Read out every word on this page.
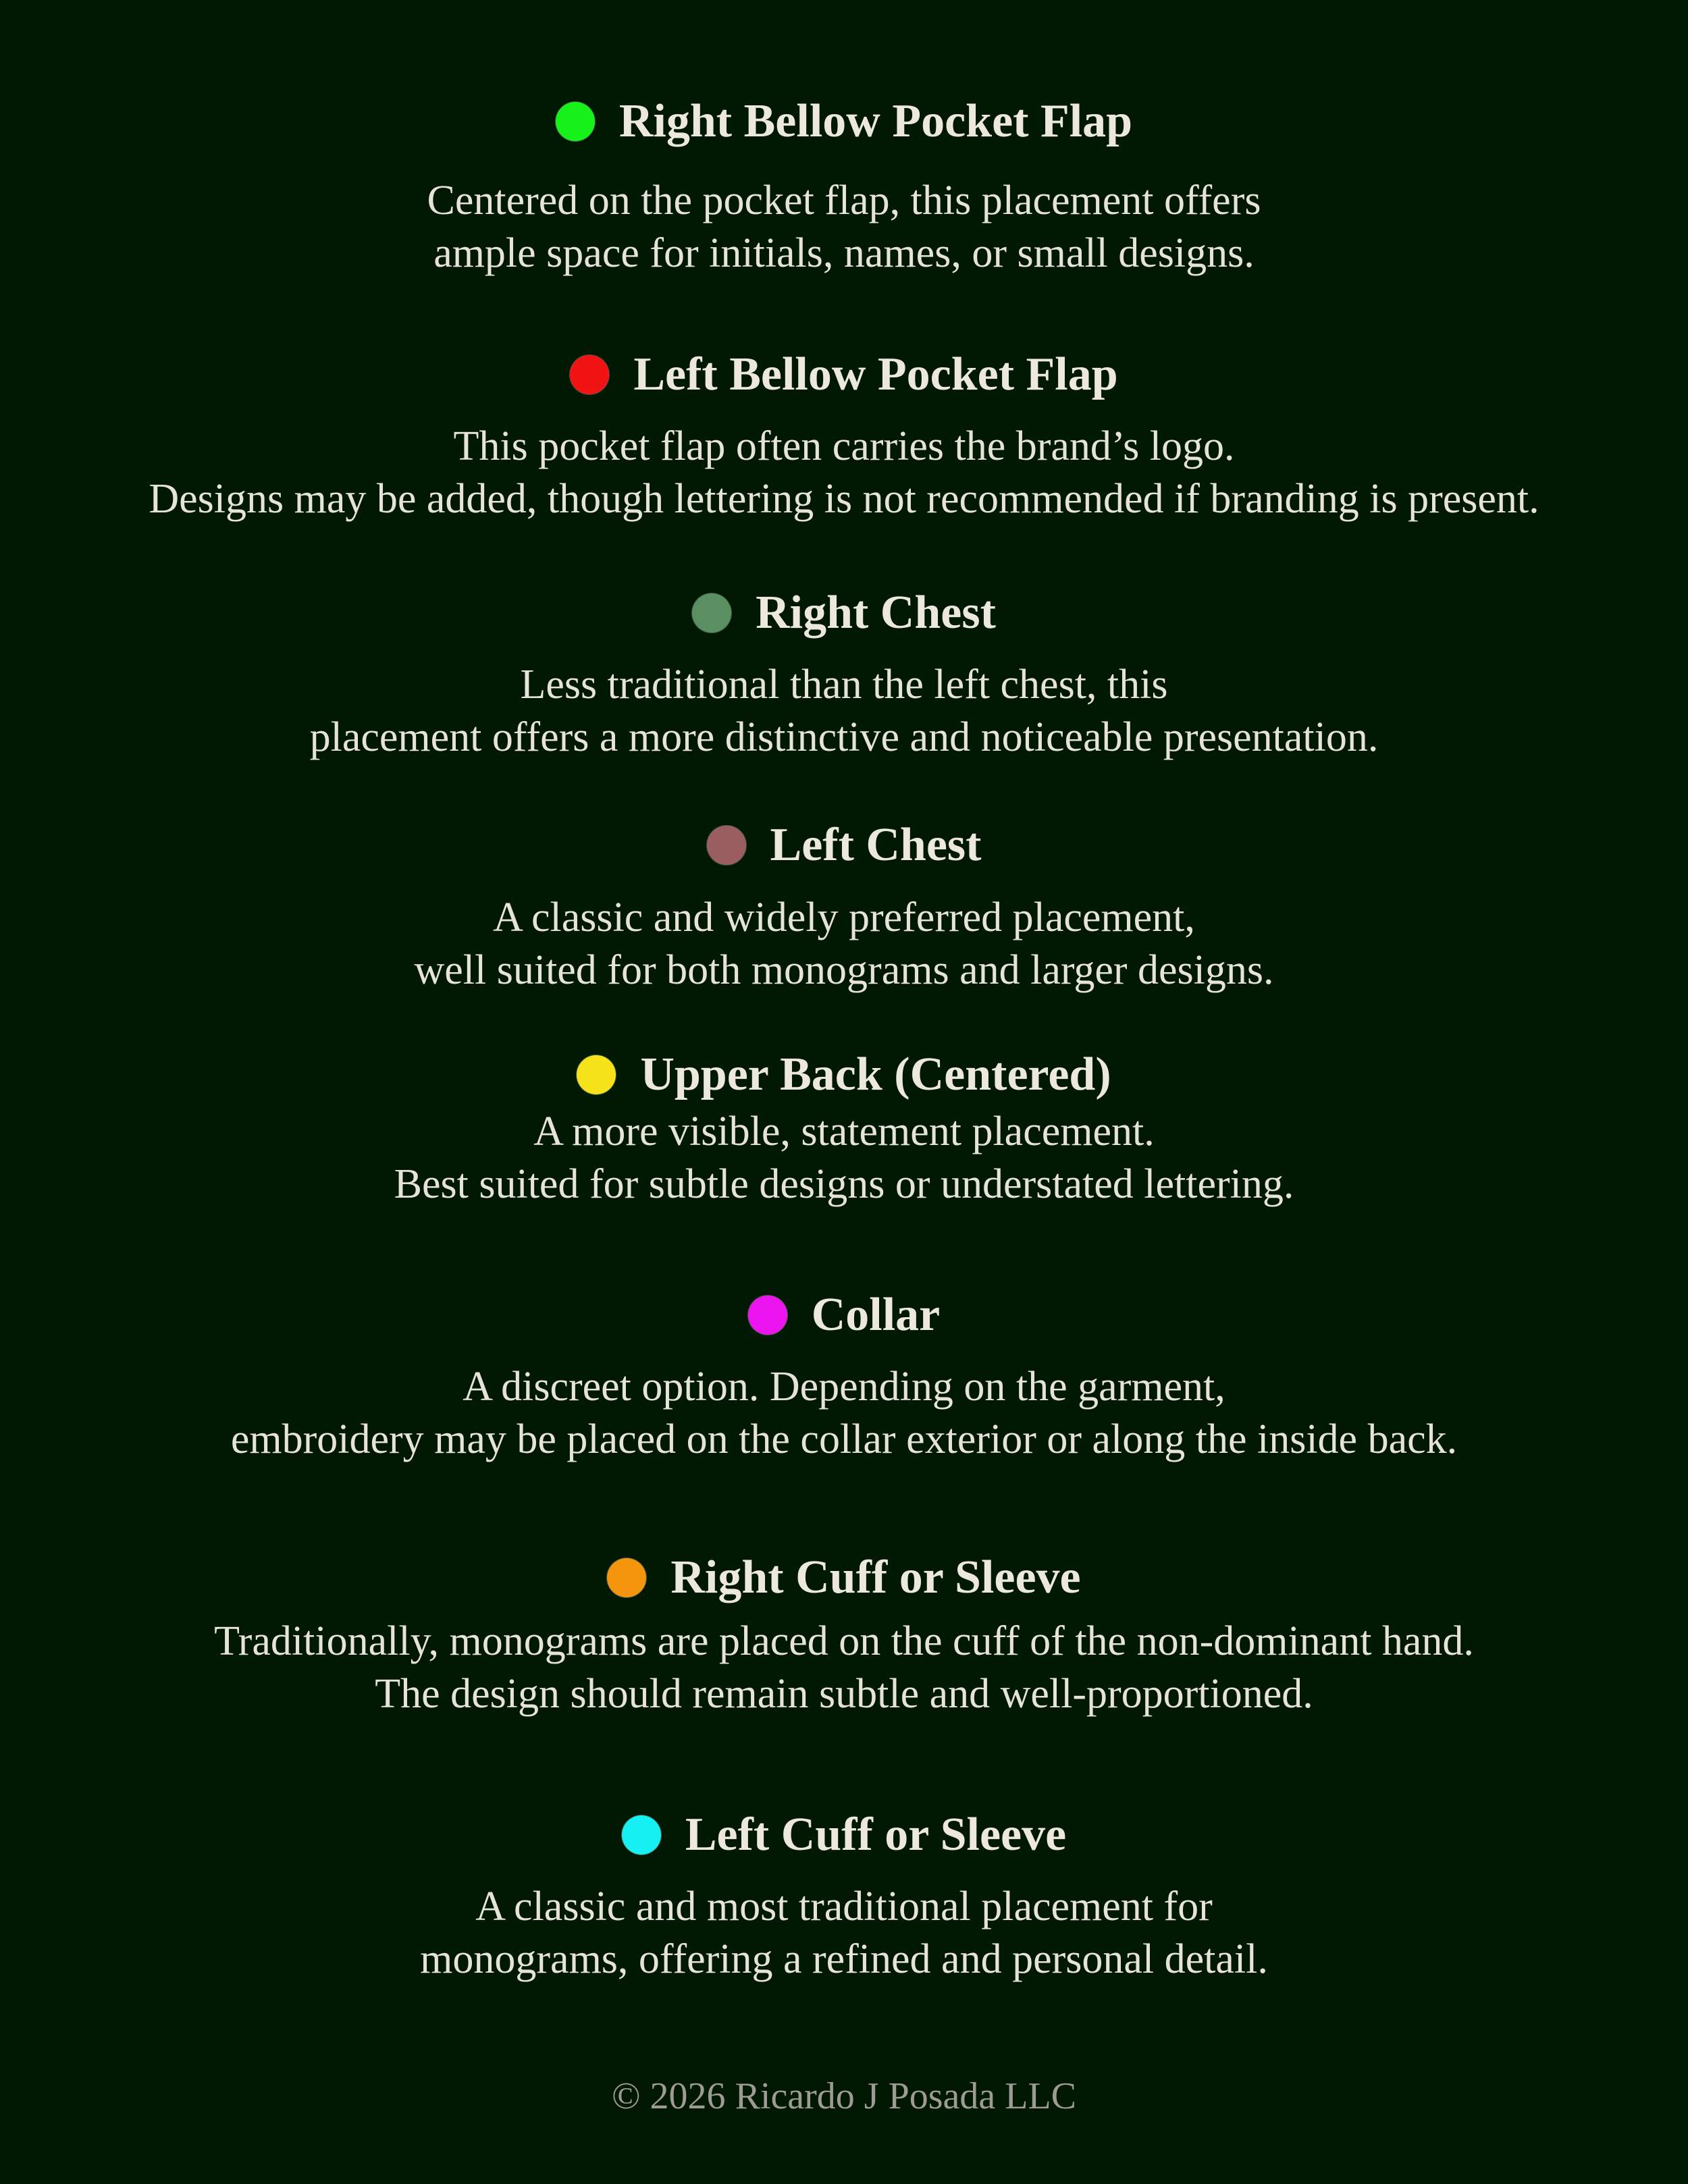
Right Bellow Pocket Flap
Centered on the pocket flap, this placement offers
ample space for initials, names, or small designs.
Left Bellow Pocket Flap
This pocket flap often carries the brand’s logo.
Designs may be added, though lettering is not recommended if branding is present.
Right Chest
Less traditional than the left chest, this
placement offers a more distinctive and noticeable presentation.
Left Chest
A classic and widely preferred placement,
well suited for both monograms and larger designs.
Upper Back (Centered)
A more visible, statement placement.
Best suited for subtle designs or understated lettering.
Collar
A discreet option. Depending on the garment,
embroidery may be placed on the collar exterior or along the inside back.
Right Cuff or Sleeve
Traditionally, monograms are placed on the cuff of the non-dominant hand.
The design should remain subtle and well-proportioned.
Left Cuff or Sleeve
A classic and most traditional placement for
monograms, offering a refined and personal detail.
© 2026 Ricardo J Posada LLC
